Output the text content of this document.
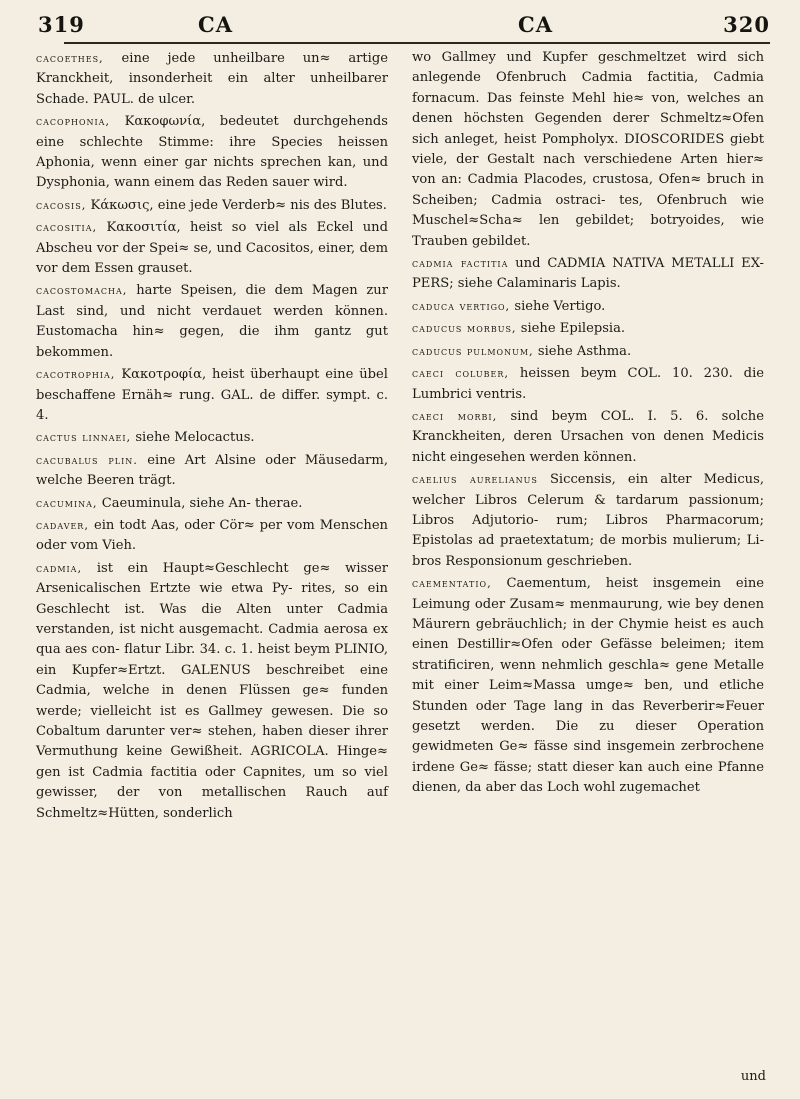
319	CA	CA	320

cacoethes, eine jede unheilbare un≈ artige Kranckheit, insonderheit ein alter unheilbarer Schade. PAUL. de ulcer.

cacophonia, Κακοφωνία, bedeutet durchgehends eine schlechte Stimme: ihre Species heissen Aphonia, wenn einer gar nichts sprechen kan, und Dysphonia, wann einem das Reden sauer wird.

cacosis, Κάκωσις, eine jede Verderb≈ nis des Blutes.

cacositia, Κακοσιτία, heist so viel als Eckel und Abscheu vor der Spei≈ se, und Cacositos, einer, dem vor dem Essen grauset.

cacostomacha, harte Speisen, die dem Magen zur Last sind, und nicht verdauet werden können. Eustomacha hin≈ gegen, die ihm gantz gut bekommen.

cacotrophia, Κακοτροφία, heist überhaupt eine übel beschaffene Ernäh≈ rung. GAL. de differ. sympt. c. 4.

cactus linnaei, siehe Melocactus.

cacubalus plin. eine Art Alsine oder Mäusedarm, welche Beeren trägt.

cacumina, Caeuminula, siehe An- therae.

cadaver, ein todt Aas, oder Cör≈ per vom Menschen oder vom Vieh.

cadmia, ist ein Haupt≈Geschlecht ge≈ wisser Arsenicalischen Ertzte wie etwa Py- rites, so ein Geschlecht ist. Was die Alten unter Cadmia verstanden, ist nicht ausgemacht. Cadmia aerosa ex qua aes con- flatur Libr. 34. c. 1. heist beym PLINIO, ein Kupfer≈Ertzt. GALENUS beschreibet eine Cadmia, welche in denen Flüssen ge≈ funden werde; vielleicht ist es Gallmey gewesen. Die so Cobaltum darunter ver≈ stehen, haben dieser ihrer Vermuthung keine Gewißheit. AGRICOLA. Hinge≈ gen ist Cadmia factitia oder Capnites, um so viel gewisser, der von metallischen Rauch auf Schmeltz≈Hütten, sonderlich

wo Gallmey und Kupfer geschmeltzet wird sich anlegende Ofenbruch Cadmia factitia, Cadmia fornacum. Das feinste Mehl hie≈ von, welches an denen höchsten Gegenden derer Schmeltz≈Ofen sich anleget, heist Pompholyx. DIOSCORIDES giebt viele, der Gestalt nach verschiedene Arten hier≈ von an: Cadmia Placodes, crustosa, Ofen≈ bruch in Scheiben; Cadmia ostraci- tes, Ofenbruch wie Muschel≈Scha≈ len gebildet; botryoides, wie Trauben gebildet.

cadmia factitia und CADMIA NATIVA METALLI EX- PERS; siehe Calaminaris Lapis.

caduca vertigo, siehe Vertigo.

caducus morbus, siehe Epilepsia.

caducus pulmonum, siehe Asthma.

caeci coluber, heissen beym COL. 10. 230. die Lumbrici ventris.

caeci morbi, sind beym COL. I. 5. 6. solche Kranckheiten, deren Ursachen von denen Medicis nicht eingesehen werden können.

caelius aurelianus Siccensis, ein alter Medicus, welcher Libros Celerum & tardarum passionum; Libros Adjutorio- rum; Libros Pharmacorum; Epistolas ad praetextatum; de morbis mulierum; Li- bros Responsionum geschrieben.

caementatio, Caementum, heist insgemein eine Leimung oder Zusam≈ menmaurung, wie bey denen Mäurern gebräuchlich; in der Chymie heist es auch einen Destillir≈Ofen oder Gefässe beleimen; item stratificiren, wenn nehmlich geschla≈ gene Metalle mit einer Leim≈Massa umge≈ ben, und etliche Stunden oder Tage lang in das Reverberir≈Feuer gesetzt werden. Die zu dieser Operation gewidmeten Ge≈ fässe sind insgemein zerbrochene irdene Ge≈ fässe; statt dieser kan auch eine Pfanne dienen, da aber das Loch wohl zugemachet

und
